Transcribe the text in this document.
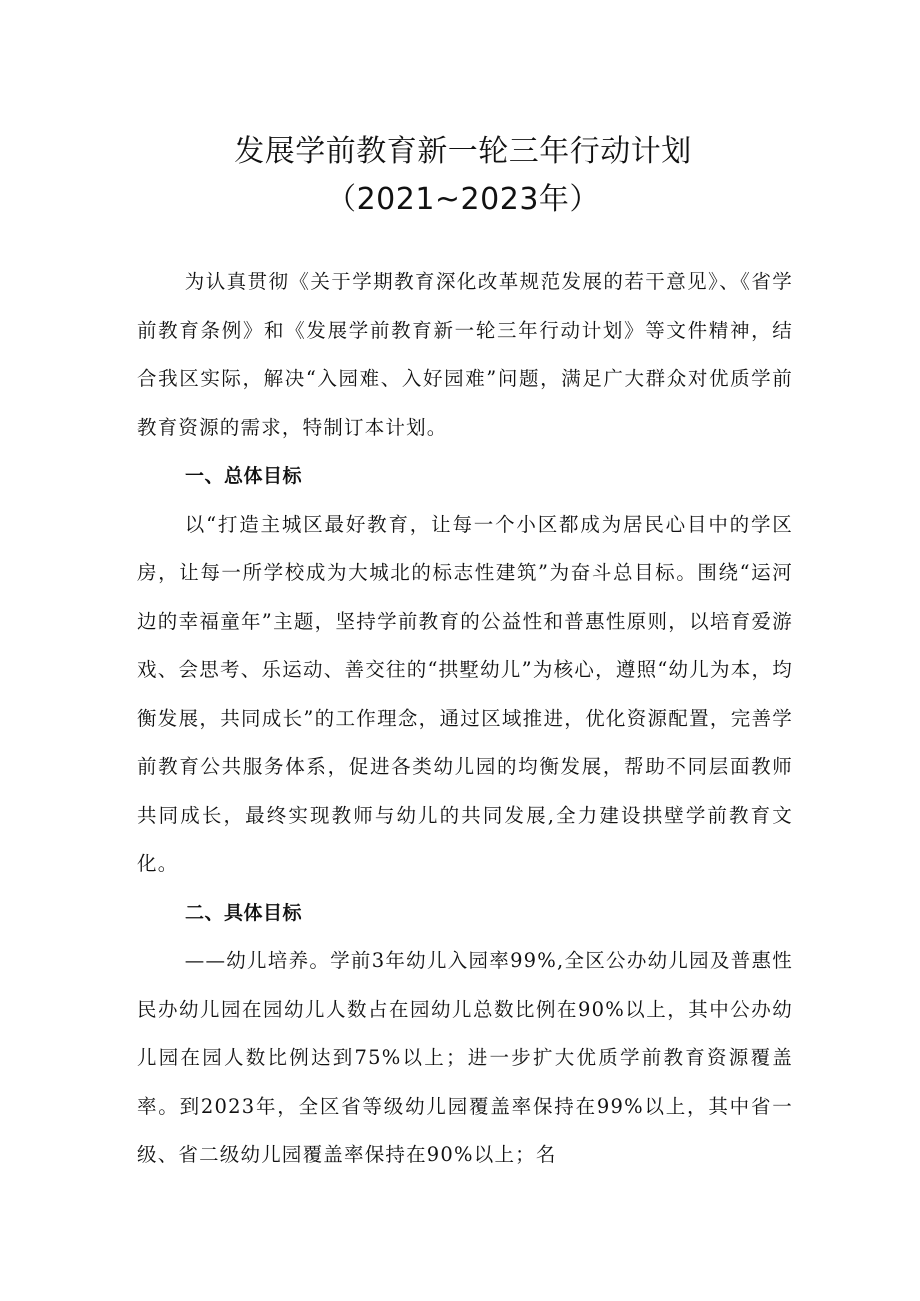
发展学前教育新一轮三年行动计划（2021~2023年）

为认真贯彻《关于学期教育深化改革规范发展的若干意见》、《省学前教育条例》和《发展学前教育新一轮三年行动计划》等文件精神，结合我区实际，解决“入园难、入好园难”问题，满足广大群众对优质学前教育资源的需求，特制订本计划。

一、总体目标

以“打造主城区最好教育，让每一个小区都成为居民心目中的学区房，让每一所学校成为大城北的标志性建筑”为奋斗总目标。围绕“运河边的幸福童年”主题，坚持学前教育的公益性和普惠性原则，以培育爱游戏、会思考、乐运动、善交往的“拱墅幼儿”为核心，遵照“幼儿为本，均衡发展，共同成长”的工作理念，通过区域推进，优化资源配置，完善学前教育公共服务体系，促进各类幼儿园的均衡发展，帮助不同层面教师共同成长，最终实现教师与幼儿的共同发展,全力建设拱壁学前教育文化。

二、具体目标

——幼儿培养。学前3年幼儿入园率99%,全区公办幼儿园及普惠性民办幼儿园在园幼儿人数占在园幼儿总数比例在90%以上，其中公办幼儿园在园人数比例达到75%以上；进一步扩大优质学前教育资源覆盖率。到2023年，全区省等级幼儿园覆盖率保持在99%以上，其中省一级、省二级幼儿园覆盖率保持在90%以上；名
